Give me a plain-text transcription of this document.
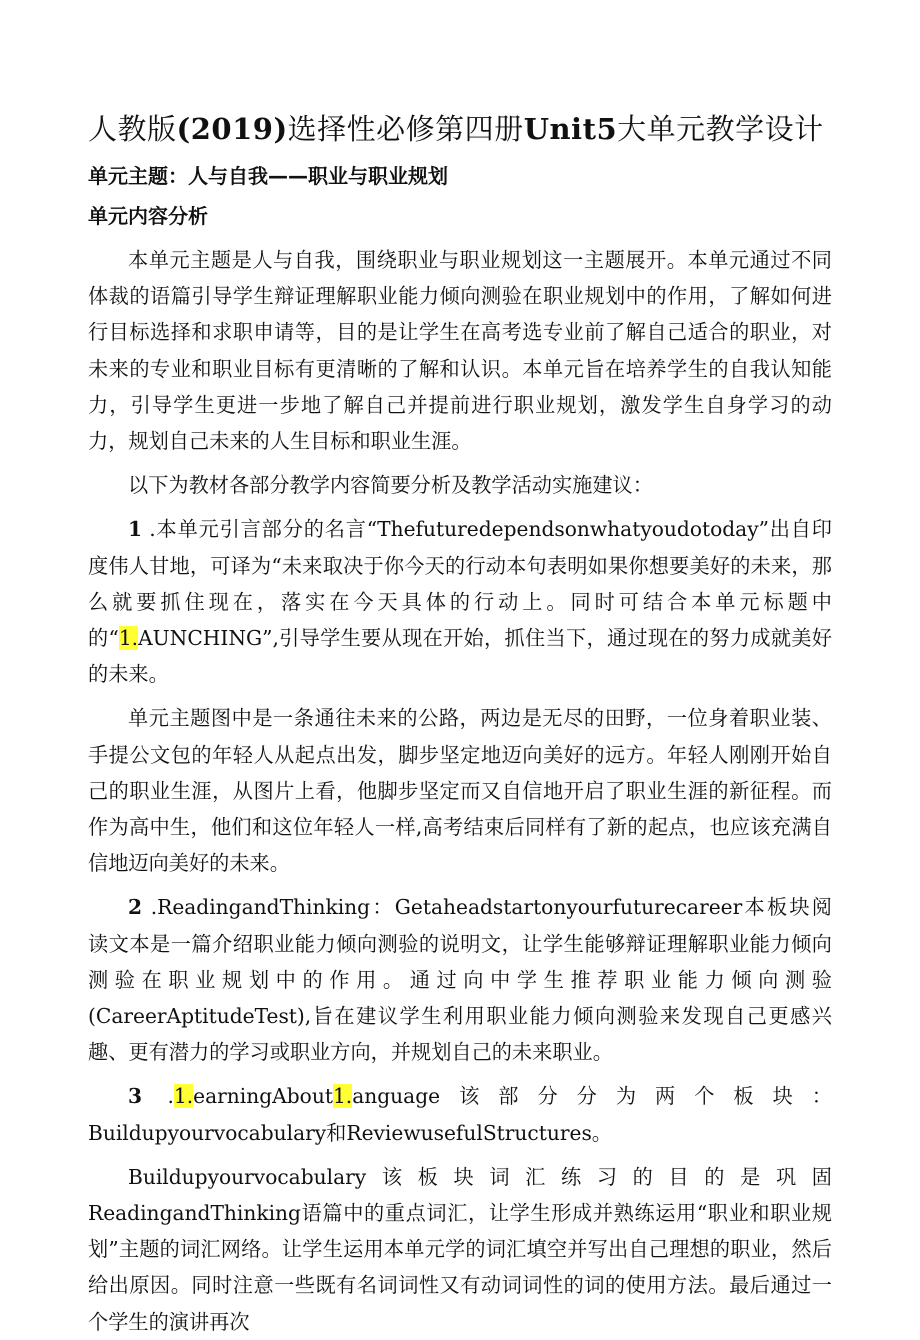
人教版(2019)选择性必修第四册Unit5大单元教学设计
单元主题：人与自我——职业与职业规划
单元内容分析

本单元主题是人与自我，围绕职业与职业规划这一主题展开。本单元通过不同体裁的语篇引导学生辩证理解职业能力倾向测验在职业规划中的作用，了解如何进行目标选择和求职申请等，目的是让学生在高考选专业前了解自己适合的职业，对未来的专业和职业目标有更清晰的了解和认识。本单元旨在培养学生的自我认知能力，引导学生更进一步地了解自己并提前进行职业规划，激发学生自身学习的动力，规划自己未来的人生目标和职业生涯。

以下为教材各部分教学内容简要分析及教学活动实施建议：

1 .本单元引言部分的名言“Thefuturedependsonwhatyoudotoday”出自印度伟人甘地，可译为“未来取决于你今天的行动本句表明如果你想要美好的未来，那么就要抓住现在，落实在今天具体的行动上。同时可结合本单元标题中的“1.AUNCHING”,引导学生要从现在开始，抓住当下，通过现在的努力成就美好的未来。

单元主题图中是一条通往未来的公路，两边是无尽的田野，一位身着职业装、手提公文包的年轻人从起点出发，脚步坚定地迈向美好的远方。年轻人刚刚开始自己的职业生涯，从图片上看，他脚步坚定而又自信地开启了职业生涯的新征程。而作为高中生，他们和这位年轻人一样,高考结束后同样有了新的起点，也应该充满自信地迈向美好的未来。

2 .ReadingandThinking：Getaheadstartonyourfuturecareer本板块阅读文本是一篇介绍职业能力倾向测验的说明文，让学生能够辩证理解职业能力倾向测验在职业规划中的作用。通过向中学生推荐职业能力倾向测验(CareerAptitudeTest),旨在建议学生利用职业能力倾向测验来发现自己更感兴趣、更有潜力的学习或职业方向，并规划自己的未来职业。

3 .1.earningAbout1.anguage该部分分为两个板块：Buildupyourvocabulary和ReviewusefulStructures。

Buildupyourvocabulary该板块词汇练习的目的是巩固ReadingandThinking语篇中的重点词汇，让学生形成并熟练运用“职业和职业规划”主题的词汇网络。让学生运用本单元学的词汇填空并写出自己理想的职业，然后给出原因。同时注意一些既有名词词性又有动词词性的词的使用方法。最后通过一个学生的演讲再次
